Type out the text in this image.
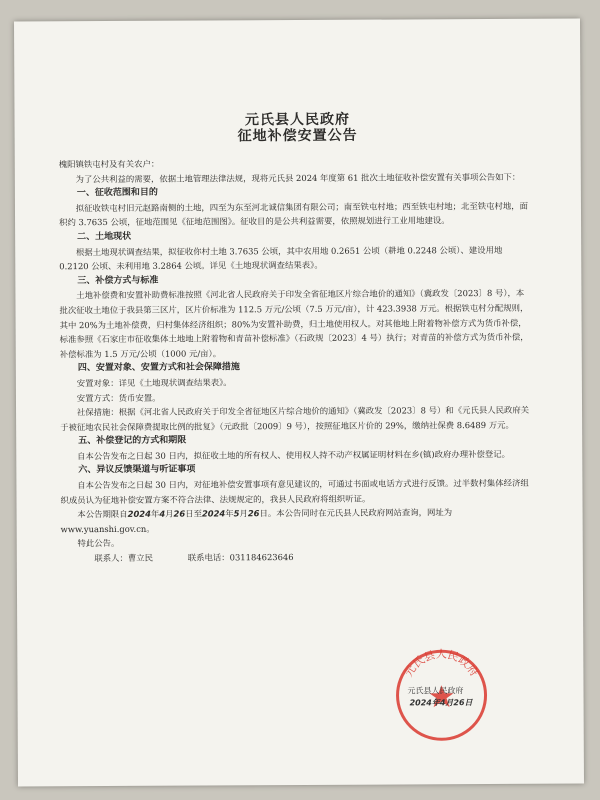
元氏县人民政府
征地补偿安置公告

槐阳镇铁屯村及有关农户：

为了公共利益的需要，依据土地管理法律法规，现将元氏县 2024 年度第 61 批次土地征收补偿安置有关事项公告如下：

一、征收范围和目的

拟征收铁屯村旧元赵路南侧的土地，四至为东至河北诚信集团有限公司；南至铁屯村地；西至铁屯村地；北至铁屯村地，面积约 3.7635 公顷，征地范围见《征地范围图》。征收目的是公共利益需要，依照规划进行工业用地建设。

二、土地现状

根据土地现状调查结果，拟征收你村土地 3.7635 公顷，其中农用地 0.2651 公顷（耕地 0.2248 公顷）、建设用地 0.2120 公顷、未利用地 3.2864 公顷。详见《土地现状调查结果表》。

三、补偿方式与标准

土地补偿费和安置补助费标准按照《河北省人民政府关于印发全省征地区片综合地价的通知》（冀政发〔2023〕8 号），本批次征收土地位于我县第三区片，区片价标准为 112.5 万元/公顷（7.5 万元/亩），计 423.3938 万元。根据铁屯村分配规则，其中 20%为土地补偿费，归村集体经济组织；80%为安置补助费，归土地使用权人。对其他地上附着物补偿方式为货币补偿，标准参照《石家庄市征收集体土地地上附着物和青苗补偿标准》（石政规〔2023〕4 号）执行；对青苗的补偿方式为货币补偿，补偿标准为 1.5 万元/公顷（1000 元/亩）。

四、安置对象、安置方式和社会保障措施

安置对象：详见《土地现状调查结果表》。

安置方式：货币安置。

社保措施：根据《河北省人民政府关于印发全省征地区片综合地价的通知》（冀政发〔2023〕8 号）和《元氏县人民政府关于被征地农民社会保障费提取比例的批复》（元政批〔2009〕9 号），按照征地区片价的 29%，缴纳社保费 8.6489 万元。

五、补偿登记的方式和期限

自本公告发布之日起 30 日内，拟征收土地的所有权人、使用权人持不动产权属证明材料在乡(镇)政府办理补偿登记。

六、异议反馈渠道与听证事项

自本公告发布之日起 30 日内，对征地补偿安置事项有意见建议的，可通过书面或电话方式进行反馈。过半数村集体经济组织成员认为征地补偿安置方案不符合法律、法规规定的，我县人民政府将组织听证。

本公告期限自2024年4月26日至2024年5月26日。本公告同时在元氏县人民政府网站查询，网址为 www.yuanshi.gov.cn。

特此公告。

联系人：曹立民	联系电话：031184623646

元氏县人民政府
元氏县人民政府
2024年4月26日
